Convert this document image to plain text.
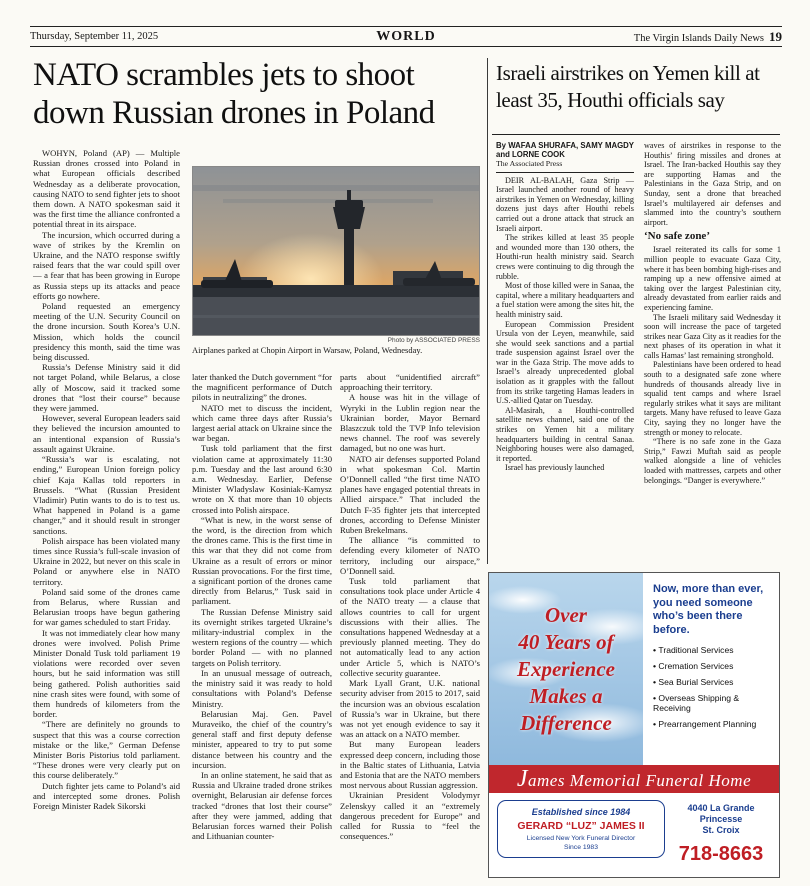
Thursday, September 11, 2025	WORLD	The Virgin Islands Daily News 19
NATO scrambles jets to shoot down Russian drones in Poland
Photo by ASSOCIATED PRESS
Airplanes parked at Chopin Airport in Warsaw, Poland, Wednesday.

WOHYN, Poland (AP) — Multiple Russian drones crossed into Poland in what European officials described Wednesday as a deliberate provocation, causing NATO to send fighter jets to shoot them down. A NATO spokesman said it was the first time the alliance confronted a potential threat in its airspace.

The incursion, which occurred during a wave of strikes by the Kremlin on Ukraine, and the NATO response swiftly raised fears that the war could spill over — a fear that has been growing in Europe as Russia steps up its attacks and peace efforts go nowhere.

Poland requested an emergency meeting of the U.N. Security Council on the drone incursion. South Korea’s U.N. Mission, which holds the council presidency this month, said the time was being discussed.

Russia’s Defense Ministry said it did not target Poland, while Belarus, a close ally of Moscow, said it tracked some drones that “lost their course” because they were jammed.

However, several European leaders said they believed the incursion amounted to an intentional expansion of Russia’s assault against Ukraine.

“Russia’s war is escalating, not ending,” European Union foreign policy chief Kaja Kallas told reporters in Brussels. “What (Russian President Vladimir) Putin wants to do is to test us. What happened in Poland is a game changer,” and it should result in stronger sanctions.

Polish airspace has been violated many times since Russia’s full-scale invasion of Ukraine in 2022, but never on this scale in Poland or anywhere else in NATO territory.

Poland said some of the drones came from Belarus, where Russian and Belarusian troops have begun gathering for war games scheduled to start Friday.

It was not immediately clear how many drones were involved. Polish Prime Minister Donald Tusk told parliament 19 violations were recorded over seven hours, but he said information was still being gathered. Polish authorities said nine crash sites were found, with some of them hundreds of kilometers from the border.

“There are definitely no grounds to suspect that this was a course correction mistake or the like,” German Defense Minister Boris Pistorius told parliament. “These drones were very clearly put on this course deliberately.”

Dutch fighter jets came to Poland’s aid and intercepted some drones. Polish Foreign Minister Radek Sikorski

later thanked the Dutch government “for the magnificent performance of Dutch pilots in neutralizing” the drones.

NATO met to discuss the incident, which came three days after Russia’s largest aerial attack on Ukraine since the war began.

Tusk told parliament that the first violation came at approximately 11:30 p.m. Tuesday and the last around 6:30 a.m. Wednesday. Earlier, Defense Minister Wladyslaw Kosiniak-Kamysz wrote on X that more than 10 objects crossed into Polish airspace.

“What is new, in the worst sense of the word, is the direction from which the drones came. This is the first time in this war that they did not come from Ukraine as a result of errors or minor Russian provocations. For the first time, a significant portion of the drones came directly from Belarus,” Tusk said in parliament.

The Russian Defense Ministry said its overnight strikes targeted Ukraine’s military-industrial complex in the western regions of the country — which border Poland — with no planned targets on Polish territory.

In an unusual message of outreach, the ministry said it was ready to hold consultations with Poland’s Defense Ministry.

Belarusian Maj. Gen. Pavel Muraveiko, the chief of the country’s general staff and first deputy defense minister, appeared to try to put some distance between his country and the incursion.

In an online statement, he said that as Russia and Ukraine traded drone strikes overnight, Belarusian air defense forces tracked “drones that lost their course” after they were jammed, adding that Belarusian forces warned their Polish and Lithuanian counter-

parts about “unidentified aircraft” approaching their territory.

A house was hit in the village of Wyryki in the Lublin region near the Ukrainian border, Mayor Bernard Blaszczuk told the TVP Info television news channel. The roof was severely damaged, but no one was hurt.

NATO air defenses supported Poland in what spokesman Col. Martin O’Donnell called “the first time NATO planes have engaged potential threats in Allied airspace.” That included the Dutch F-35 fighter jets that intercepted drones, according to Defense Minister Ruben Brekelmans.

The alliance “is committed to defending every kilometer of NATO territory, including our airspace,” O’Donnell said.

Tusk told parliament that consultations took place under Article 4 of the NATO treaty — a clause that allows countries to call for urgent discussions with their allies. The consultations happened Wednesday at a previously planned meeting. They do not automatically lead to any action under Article 5, which is NATO’s collective security guarantee.

Mark Lyall Grant, U.K. national security adviser from 2015 to 2017, said the incursion was an obvious escalation of Russia’s war in Ukraine, but there was not yet enough evidence to say it was an attack on a NATO member.

But many European leaders expressed deep concern, including those in the Baltic states of Lithuania, Latvia and Estonia that are the NATO members most nervous about Russian aggression.

Ukrainian President Volodymyr Zelenskyy called it an “extremely dangerous precedent for Europe” and called for Russia to “feel the consequences.”

Israeli airstrikes on Yemen kill at least 35, Houthi officials say
By WAFAA SHURAFA, SAMY MAGDY and LORNE COOK
The Associated Press

DEIR AL-BALAH, Gaza Strip — Israel launched another round of heavy airstrikes in Yemen on Wednesday, killing dozens just days after Houthi rebels carried out a drone attack that struck an Israeli airport.

The strikes killed at least 35 people and wounded more than 130 others, the Houthi-run health ministry said. Search crews were continuing to dig through the rubble.

Most of those killed were in Sanaa, the capital, where a military headquarters and a fuel station were among the sites hit, the health ministry said.

European Commission President Ursula von der Leyen, meanwhile, said she would seek sanctions and a partial trade suspension against Israel over the war in the Gaza Strip. The move adds to Israel’s already unprecedented global isolation as it grapples with the fallout from its strike targeting Hamas leaders in U.S.-allied Qatar on Tuesday.

Al-Masirah, a Houthi-controlled satellite news channel, said one of the strikes on Yemen hit a military headquarters building in central Sanaa. Neighboring houses were also damaged, it reported.

Israel has previously launched

waves of airstrikes in response to the Houthis’ firing missiles and drones at Israel. The Iran-backed Houthis say they are supporting Hamas and the Palestinians in the Gaza Strip, and on Sunday, sent a drone that breached Israel’s multilayered air defenses and slammed into the country’s southern airport.

‘No safe zone’

Israel reiterated its calls for some 1 million people to evacuate Gaza City, where it has been bombing high-rises and ramping up a new offensive aimed at taking over the largest Palestinian city, already devastated from earlier raids and experiencing famine.

The Israeli military said Wednesday it soon will increase the pace of targeted strikes near Gaza City as it readies for the next phases of its operation in what it calls Hamas’ last remaining stronghold.

Palestinians have been ordered to head south to a designated safe zone where hundreds of thousands already live in squalid tent camps and where Israel regularly strikes what it says are militant targets. Many have refused to leave Gaza City, saying they no longer have the strength or money to relocate.

“There is no safe zone in the Gaza Strip,” Fawzi Muftah said as people walked alongside a line of vehicles loaded with mattresses, carpets and other belongings. “Danger is everywhere.”

Over
40 Years of
Experience
Makes a
Difference
Now, more than ever, you need someone who’s been there before.
• Traditional Services
• Cremation Services
• Sea Burial Services
• Overseas Shipping & Receiving
• Prearrangement Planning
James Memorial Funeral Home
Established since 1984
GERARD “LUZ” JAMES II
Licensed New York Funeral Director
Since 1983
4040 La Grande Princesse
St. Croix
718-8663
